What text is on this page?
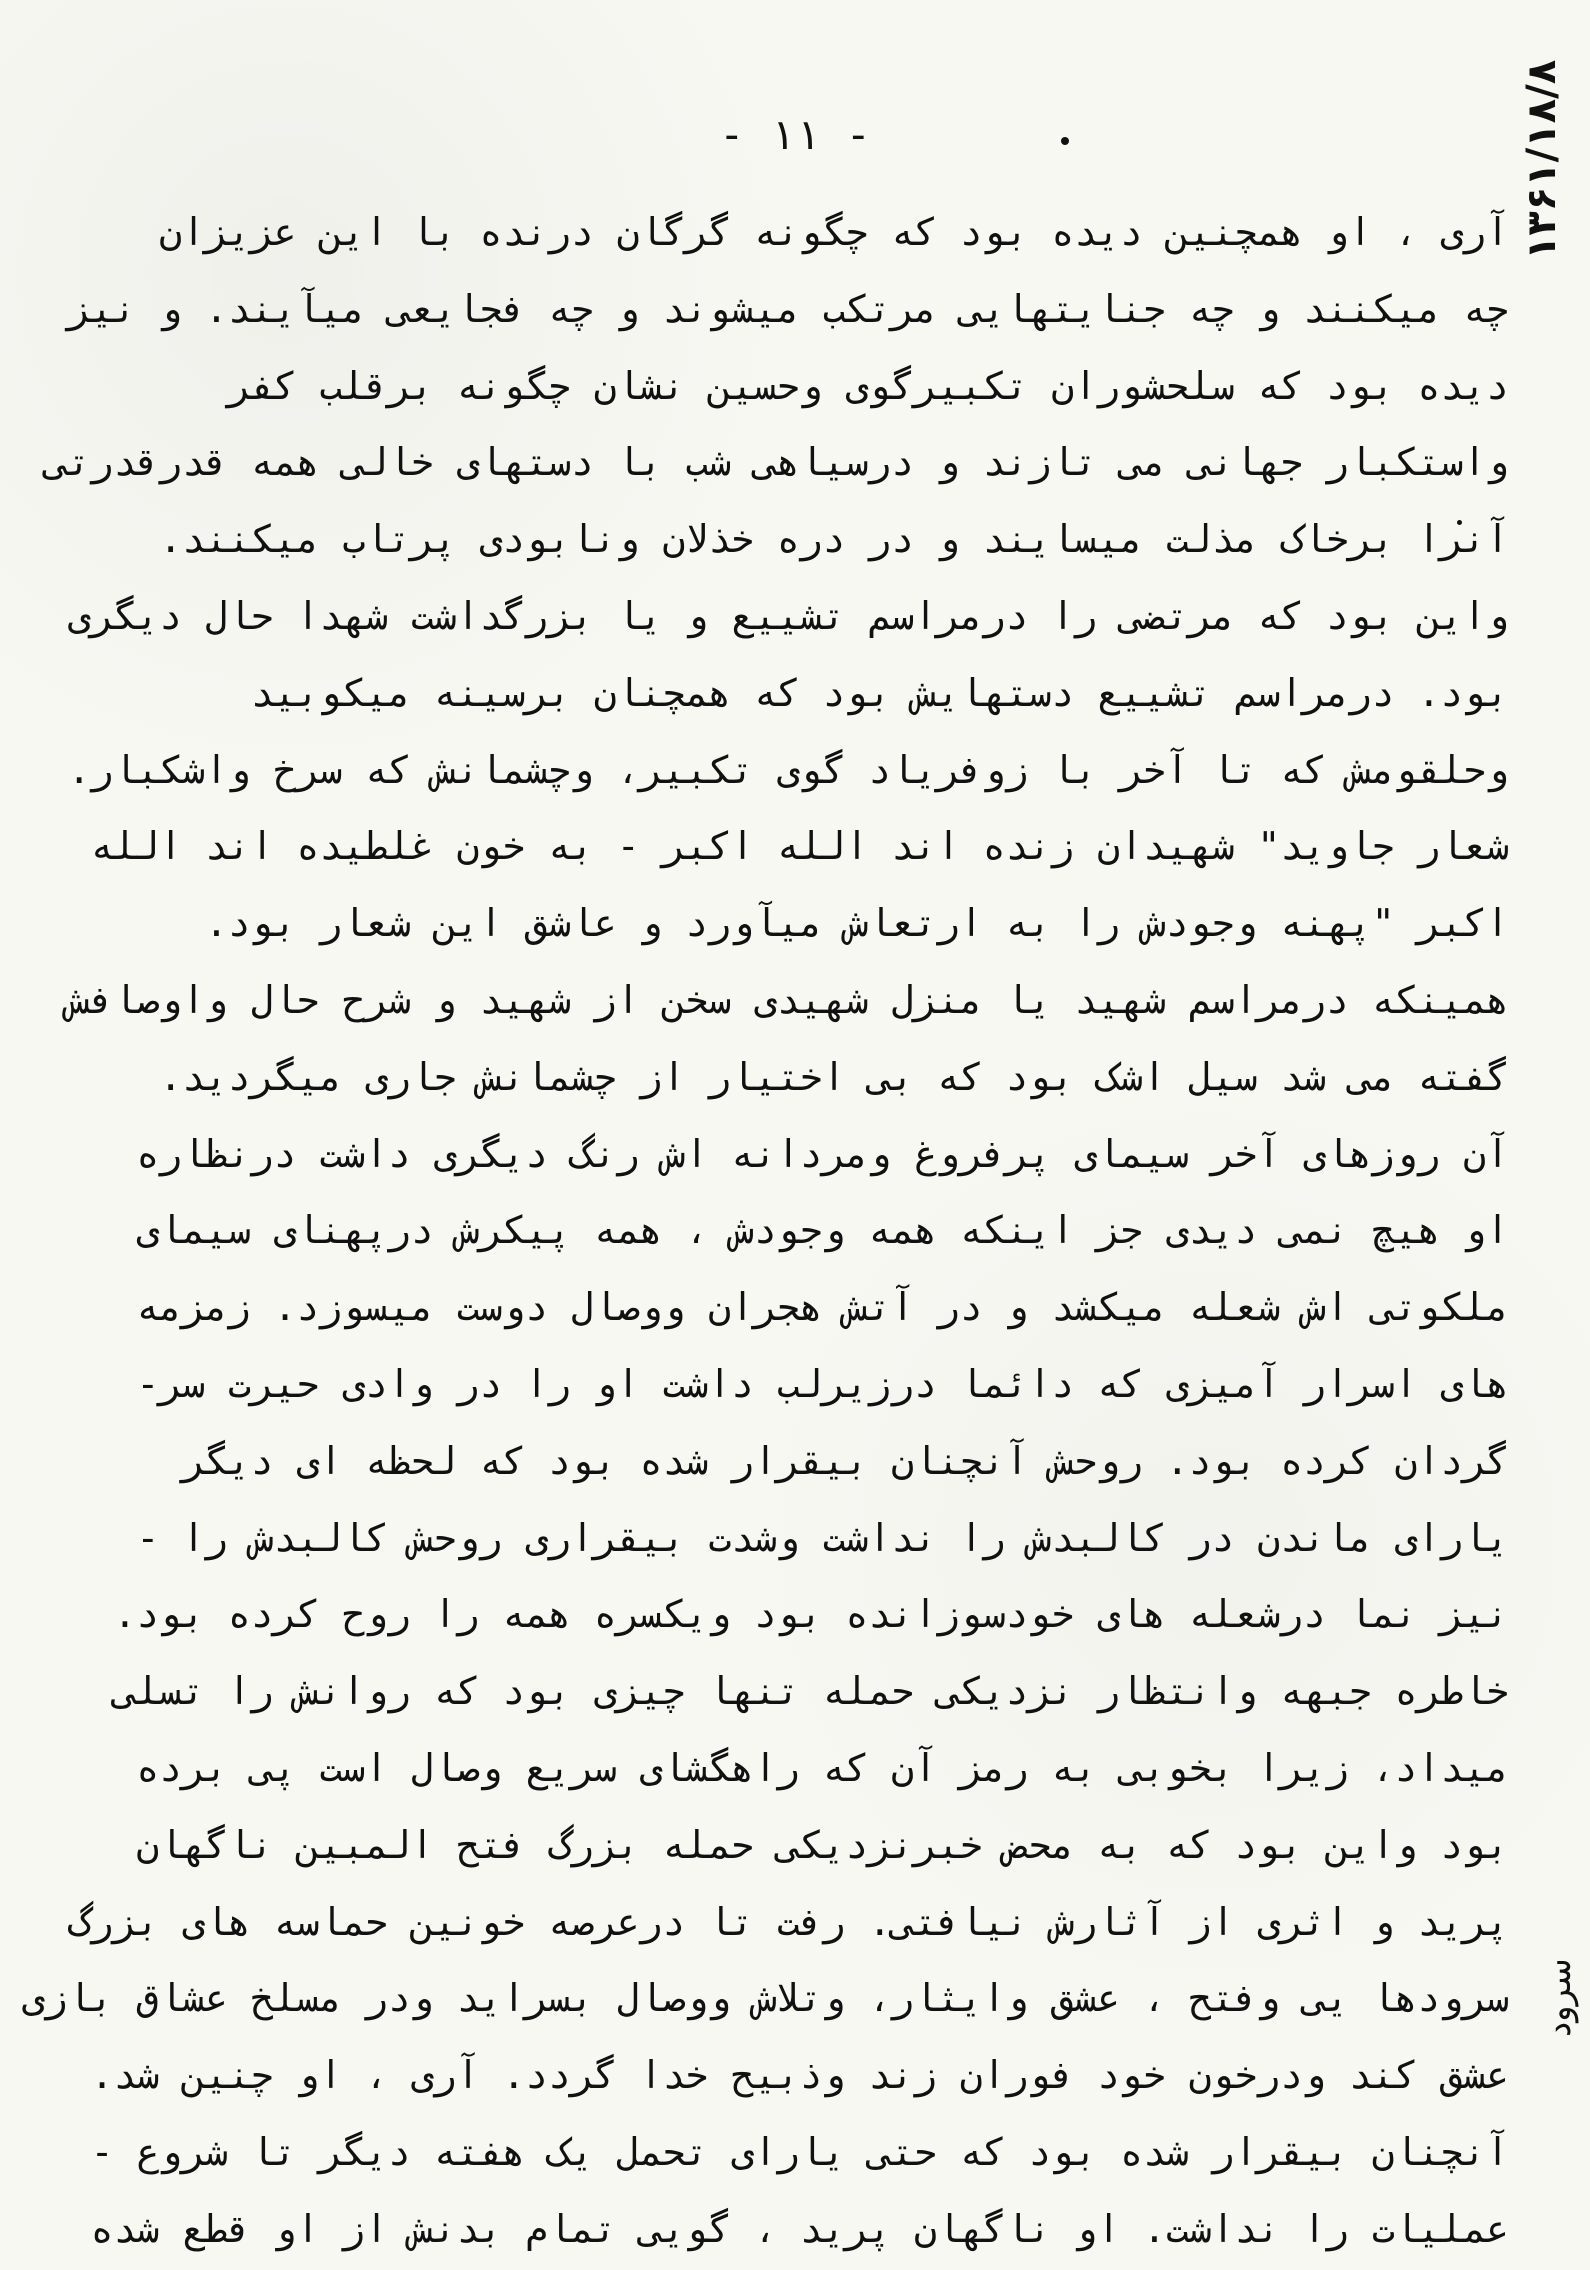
- ۱۱ -	۱۳۶۱/۱۸/۸
سرود
آری ، او همچنین دیده بود که چگونه گرگان درنده با این عزیزان
چه میکنند و چه جنایتهایی مرتکب میشوند و چه فجایعی میآیند. و نیز
دیده بود که سلحشوران تکبیرگوی وحسین نشان چگونه برقلب کفر
واستکبار جهانی می تازند و درسیاهی شب با دستهای خالی همه قدرقدرتی
آنرا برخاک مذلت میسایند و در دره خذلان ونابودی پرتاب میکنند.
واین بود که مرتضی را درمراسم تشییع و یا بزرگداشت شهدا حال دیگری
بود. درمراسم تشییع دستهایش بود که همچنان برسینه میکوبید
وحلقومش که تا آخر با زوفریاد گوی تکبیر، وچشمانش که سرخ واشکبار.
شعار جاوید" شهیدان زنده اند الله اکبر - به خون غلطیده اند الله
اکبر "پهنه وجودش را به ارتعاش میآورد و عاشق این شعار بود.
همینکه درمراسم شهید یا منزل شهیدی سخن از شهید و شرح حال واوصافش
گفته می شد سیل اشک بود که بی اختیار از چشمانش جاری میگردید.
آن روزهای آخر سیمای پرفروغ ومردانه اش رنگ دیگری داشت درنظاره
او هیچ نمی دیدی جز اینکه همه وجودش ، همه پیکرش درپهنای سیمای
ملکوتی اش شعله میکشد و در آتش هجران ووصال دوست میسوزد. زمزمه
های اسرار آمیزی که دائما درزیرلب داشت او را در وادی حیرت سر-
گردان کرده بود. روحش آنچنان بیقرار شده بود که لحظه ای دیگر
یارای ماندن در کالبدش را نداشت وشدت بیقراری روحش کالبدش را -
نیز نما درشعله های خودسوزانده بود ویکسره همه را روح کرده بود.
خاطره جبهه وانتظار نزدیکی حمله تنها چیزی بود که روانش را تسلی
میداد، زیرا بخوبی به رمز آن که راهگشای سریع وصال است پی برده
بود واین بود که به محض خبرنزدیکی حمله بزرگ فتح المبین ناگهان
پرید و اثری از آثارش نیافتی. رفت تا درعرصه خونین حماسه های بزرگ
سرودها یی وفتح ، عشق وایثار، وتلاش ووصال بسراید ودر مسلخ عشاق بازی
عشق کند ودرخون خود فوران زند وذبیح خدا گردد. آری ، او چنین شد.
آنچنان بیقرار شده بود که حتی یارای تحمل یک هفته دیگر تا شروع -
عملیات را نداشت. او ناگهان پرید ، گویی تمام بدنش از او قطع شده
